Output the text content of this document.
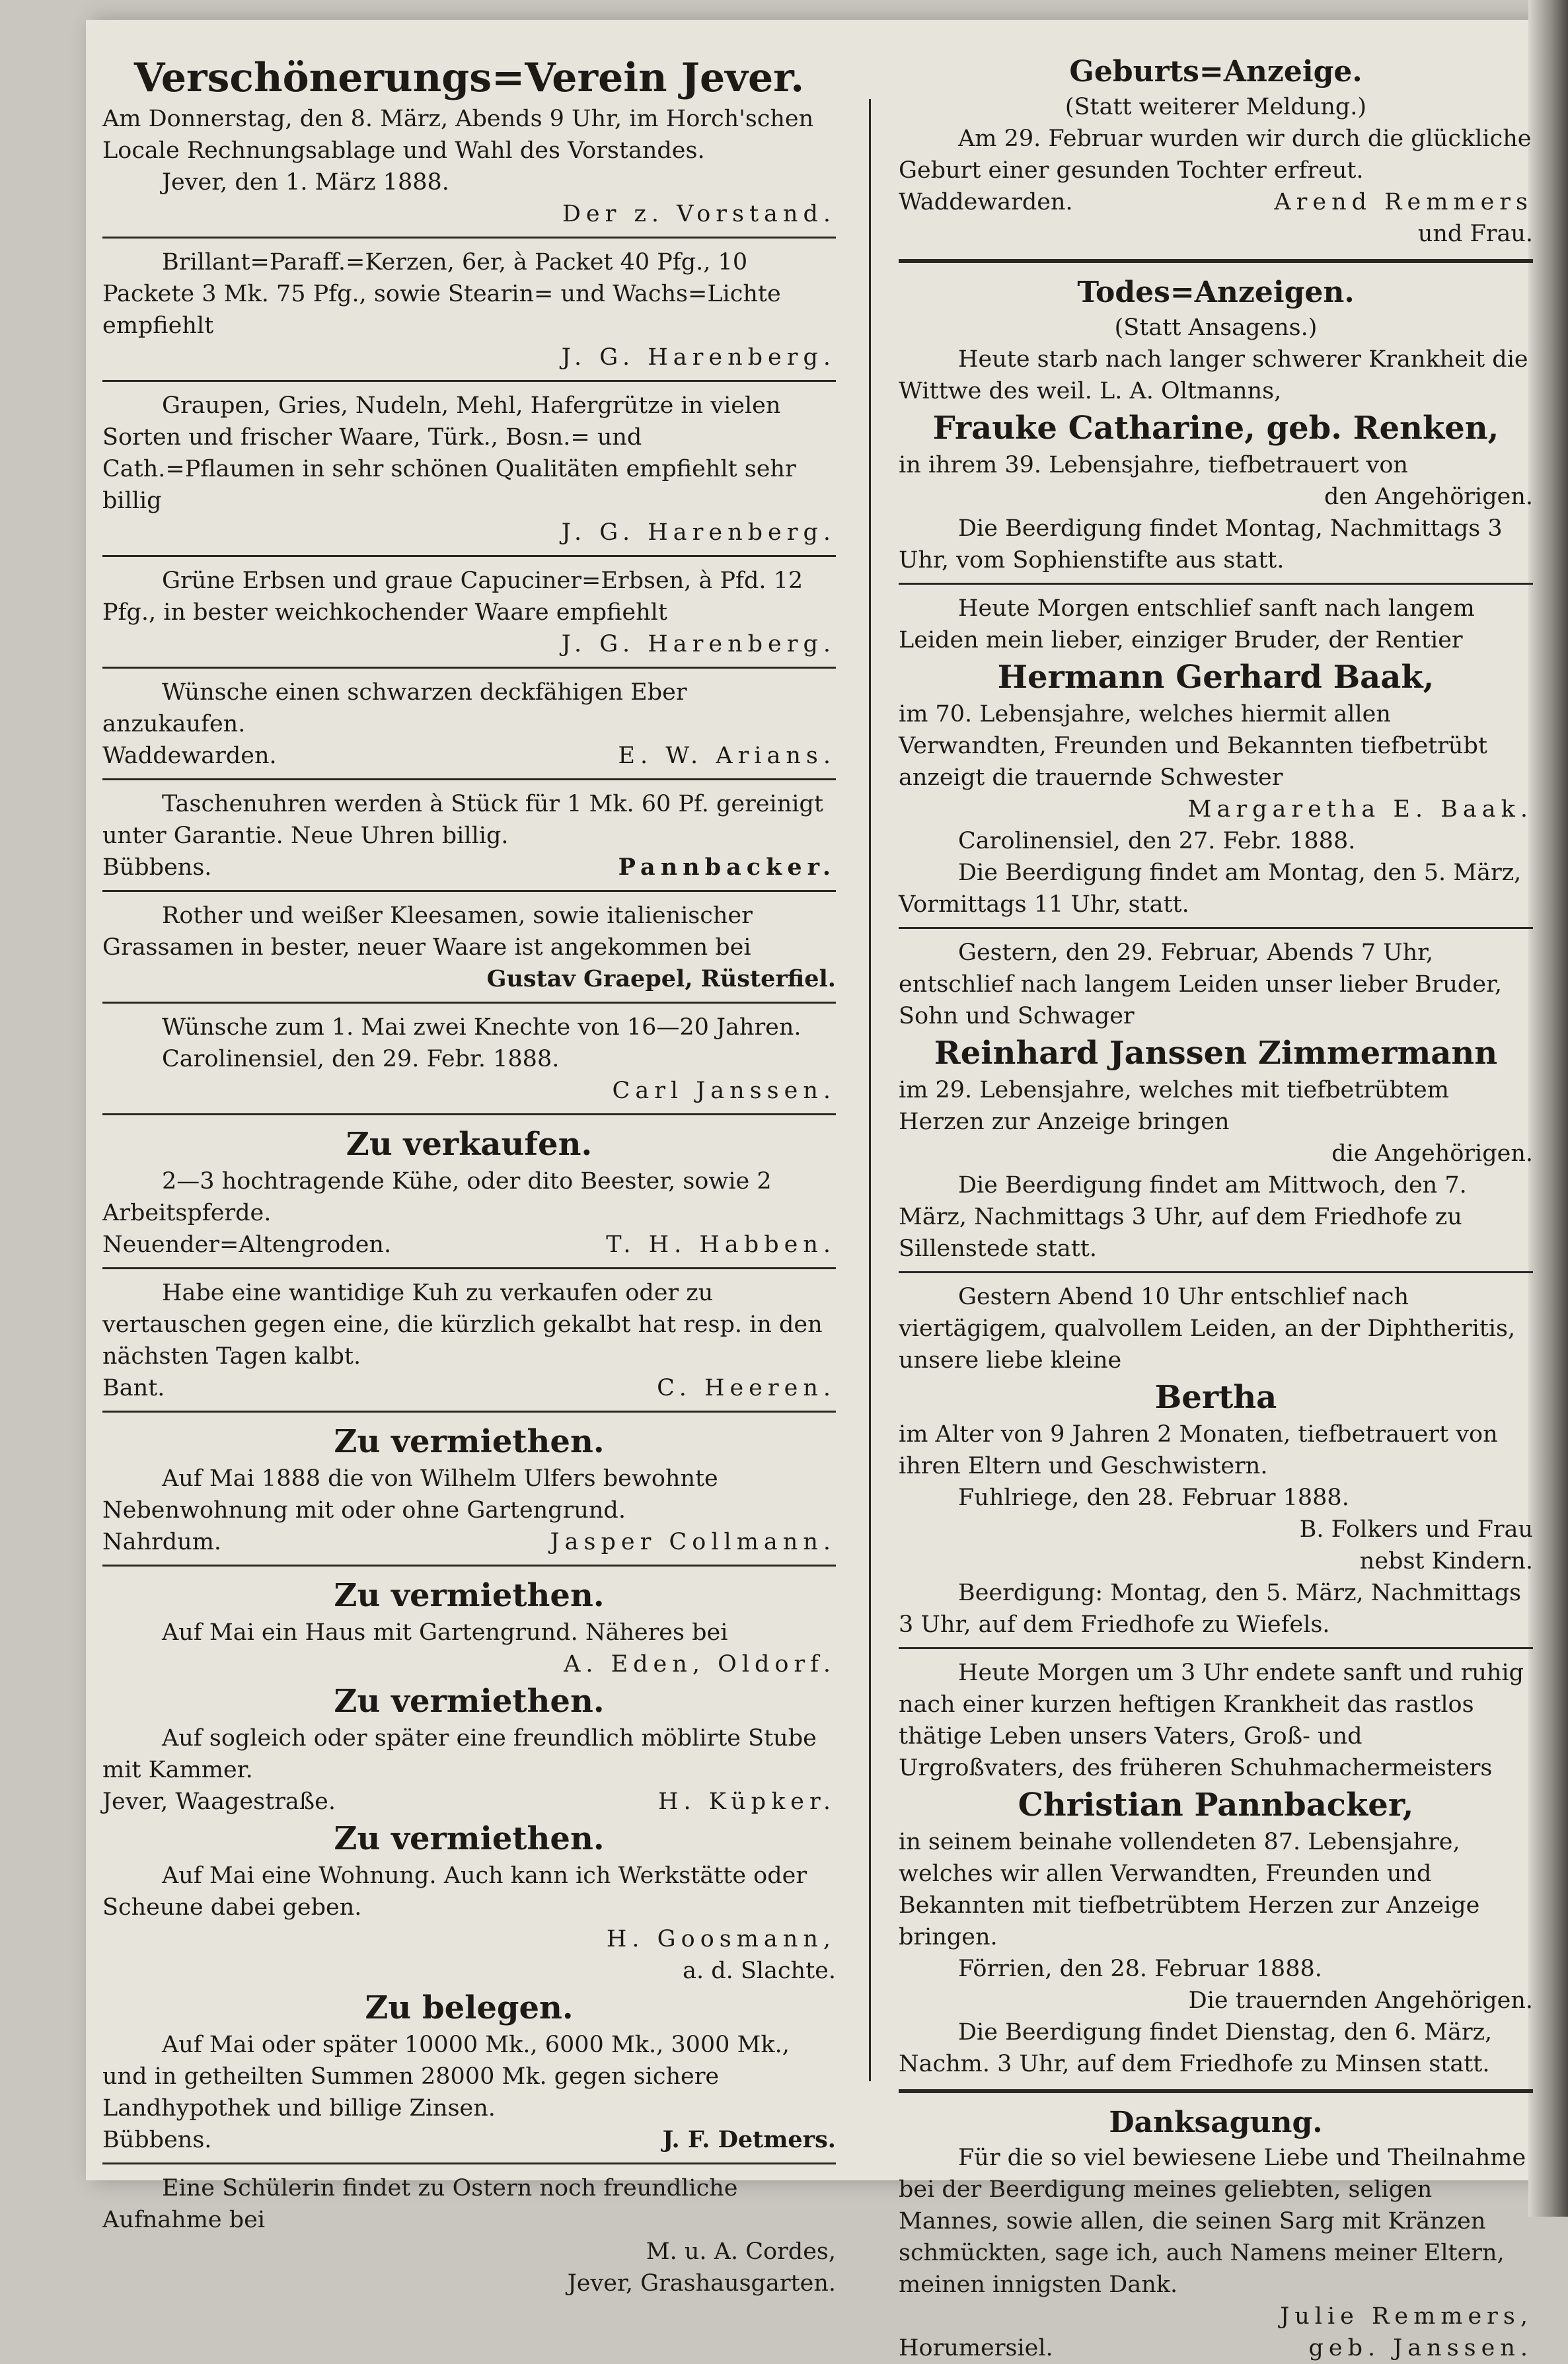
Verschönerungs=Verein Jever.

Am Donnerstag, den 8. März, Abends 9 Uhr, im Horch'schen Locale Rechnungsablage und Wahl des Vorstandes.

Jever, den 1. März 1888.

Der z. Vorstand.

Brillant=Paraff.=Kerzen, 6er, à Packet 40 Pfg., 10 Packete 3 Mk. 75 Pfg., sowie Stearin= und Wachs=Lichte empfiehlt

J. G. Harenberg.

Graupen, Gries, Nudeln, Mehl, Hafergrütze in vielen Sorten und frischer Waare, Türk., Bosn.= und Cath.=Pflaumen in sehr schönen Qualitäten empfiehlt sehr billig

J. G. Harenberg.

Grüne Erbsen und graue Capuciner=Erbsen, à Pfd. 12 Pfg., in bester weichkochender Waare empfiehlt

J. G. Harenberg.

Wünsche einen schwarzen deckfähigen Eber anzukaufen.

Waddewarden.	E. W. Arians.

Taschenuhren werden à Stück für 1 Mk. 60 Pf. gereinigt unter Garantie. Neue Uhren billig.

Bübbens.	Pannbacker.

Rother und weißer Kleesamen, sowie italienischer Grassamen in bester, neuer Waare ist angekommen bei

Gustav Graepel, Rüsterfiel.

Wünsche zum 1. Mai zwei Knechte von 16—20 Jahren.

Carolinensiel, den 29. Febr. 1888.

Carl Janssen.

Zu verkaufen.

2—3 hochtragende Kühe, oder dito Beester, sowie 2 Arbeitspferde.

Neuender=Altengroden.	T. H. Habben.

Habe eine wantidige Kuh zu verkaufen oder zu vertauschen gegen eine, die kürzlich gekalbt hat resp. in den nächsten Tagen kalbt.

Bant.	C. Heeren.
Zu vermiethen.

Auf Mai 1888 die von Wilhelm Ulfers bewohnte Nebenwohnung mit oder ohne Gartengrund.

Nahrdum.	Jasper Collmann.
Zu vermiethen.

Auf Mai ein Haus mit Gartengrund. Näheres bei

A. Eden, Oldorf.

Zu vermiethen.

Auf sogleich oder später eine freundlich möblirte Stube mit Kammer.

Jever, Waagestraße.	H. Küpker.
Zu vermiethen.

Auf Mai eine Wohnung. Auch kann ich Werkstätte oder Scheune dabei geben.

H. Goosmann,

a. d. Slachte.

Zu belegen.

Auf Mai oder später 10000 Mk., 6000 Mk., 3000 Mk., und in getheilten Summen 28000 Mk. gegen sichere Landhypothek und billige Zinsen.

Bübbens.	J. F. Detmers.

Eine Schülerin findet zu Ostern noch freundliche Aufnahme bei

M. u. A. Cordes,

Jever, Grashausgarten.

Geburts=Anzeige.

(Statt weiterer Meldung.)

Am 29. Februar wurden wir durch die glückliche Geburt einer gesunden Tochter erfreut.

Waddewarden.	Arend Remmers

und Frau.

Todes=Anzeigen.

(Statt Ansagens.)

Heute starb nach langer schwerer Krankheit die Wittwe des weil. L. A. Oltmanns,

Frauke Catharine, geb. Renken,

in ihrem 39. Lebensjahre, tiefbetrauert von

den Angehörigen.

Die Beerdigung findet Montag, Nachmittags 3 Uhr, vom Sophienstifte aus statt.

Heute Morgen entschlief sanft nach langem Leiden mein lieber, einziger Bruder, der Rentier

Hermann Gerhard Baak,

im 70. Lebensjahre, welches hiermit allen Verwandten, Freunden und Bekannten tiefbetrübt anzeigt die trauernde Schwester

Margaretha E. Baak.

Carolinensiel, den 27. Febr. 1888.

Die Beerdigung findet am Montag, den 5. März, Vormittags 11 Uhr, statt.

Gestern, den 29. Februar, Abends 7 Uhr, entschlief nach langem Leiden unser lieber Bruder, Sohn und Schwager

Reinhard Janssen Zimmermann

im 29. Lebensjahre, welches mit tiefbetrübtem Herzen zur Anzeige bringen

die Angehörigen.

Die Beerdigung findet am Mittwoch, den 7. März, Nachmittags 3 Uhr, auf dem Friedhofe zu Sillenstede statt.

Gestern Abend 10 Uhr entschlief nach viertägigem, qualvollem Leiden, an der Diphtheritis, unsere liebe kleine

Bertha

im Alter von 9 Jahren 2 Monaten, tiefbetrauert von ihren Eltern und Geschwistern.

Fuhlriege, den 28. Februar 1888.

B. Folkers und Frau

nebst Kindern.

Beerdigung: Montag, den 5. März, Nachmittags 3 Uhr, auf dem Friedhofe zu Wiefels.

Heute Morgen um 3 Uhr endete sanft und ruhig nach einer kurzen heftigen Krankheit das rastlos thätige Leben unsers Vaters, Groß- und Urgroßvaters, des früheren Schuhmachermeisters

Christian Pannbacker,

in seinem beinahe vollendeten 87. Lebensjahre, welches wir allen Verwandten, Freunden und Bekannten mit tiefbetrübtem Herzen zur Anzeige bringen.

Förrien, den 28. Februar 1888.

Die trauernden Angehörigen.

Die Beerdigung findet Dienstag, den 6. März, Nachm. 3 Uhr, auf dem Friedhofe zu Minsen statt.

Danksagung.

Für die so viel bewiesene Liebe und Theilnahme bei der Beerdigung meines geliebten, seligen Mannes, sowie allen, die seinen Sarg mit Kränzen schmückten, sage ich, auch Namens meiner Eltern, meinen innigsten Dank.

Julie Remmers,

Horumersiel.	geb. Janssen.
